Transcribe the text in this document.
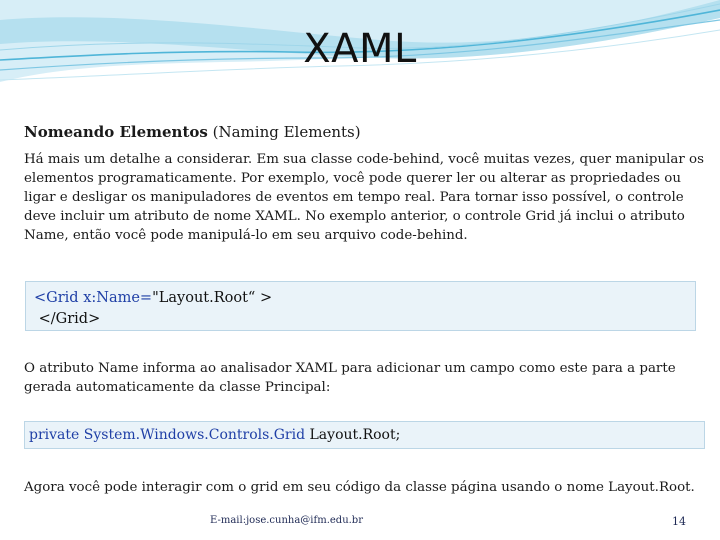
XAML
Nomeando Elementos (Naming Elements)
Há mais um detalhe a considerar. Em sua classe code-behind, você muitas vezes, quer manipular os elementos programaticamente. Por exemplo, você pode querer ler ou alterar as propriedades ou ligar e desligar os manipuladores de eventos em tempo real. Para tornar isso possível, o controle deve incluir um atributo de nome XAML. No exemplo anterior, o controle Grid já inclui o atributo Name, então você pode manipulá-lo em seu arquivo code-behind.
<Grid x:Name="Layout.Root“ >
</Grid>
O atributo Name informa ao analisador XAML para adicionar um campo como este para a parte gerada automaticamente da classe Principal:
private System.Windows.Controls.Grid Layout.Root;
Agora você pode interagir com o grid em seu código da classe página usando o nome Layout.Root.
E-mail:jose.cunha@ifm.edu.br	14
